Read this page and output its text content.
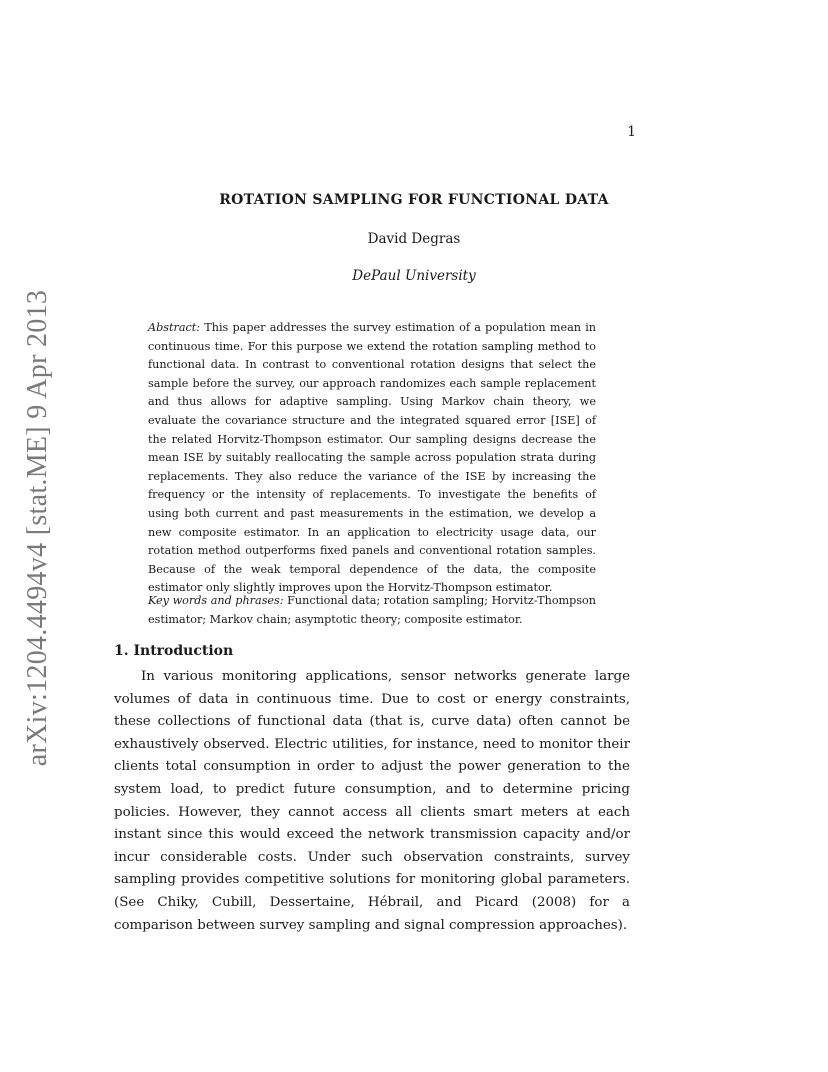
1
arXiv:1204.4494v4 [stat.ME] 9 Apr 2013
ROTATION SAMPLING FOR FUNCTIONAL DATA
David Degras
DePaul University
Abstract: This paper addresses the survey estimation of a population mean in continuous time. For this purpose we extend the rotation sampling method to functional data. In contrast to conventional rotation designs that select the sample before the survey, our approach randomizes each sample replacement and thus allows for adaptive sampling. Using Markov chain theory, we evaluate the covariance structure and the integrated squared error [ISE] of the related Horvitz-Thompson estimator. Our sampling designs decrease the mean ISE by suitably reallocating the sample across population strata during replacements. They also reduce the variance of the ISE by increasing the frequency or the intensity of replacements. To investigate the benefits of using both current and past measurements in the estimation, we develop a new composite estimator. In an application to electricity usage data, our rotation method outperforms fixed panels and conventional rotation samples. Because of the weak temporal dependence of the data, the composite estimator only slightly improves upon the Horvitz-Thompson estimator.
Key words and phrases: Functional data; rotation sampling; Horvitz-Thompson estimator; Markov chain; asymptotic theory; composite estimator.
1. Introduction

In various monitoring applications, sensor networks generate large volumes of data in continuous time. Due to cost or energy constraints, these collections of functional data (that is, curve data) often cannot be exhaustively observed. Electric utilities, for instance, need to monitor their clients total consumption in order to adjust the power generation to the system load, to predict future consumption, and to determine pricing policies. However, they cannot access all clients smart meters at each instant since this would exceed the network transmission capacity and/or incur considerable costs. Under such observation constraints, survey sampling provides competitive solutions for monitoring global parameters. (See Chiky, Cubill, Dessertaine, Hébrail, and Picard (2008) for a comparison between survey sampling and signal compression approaches).
